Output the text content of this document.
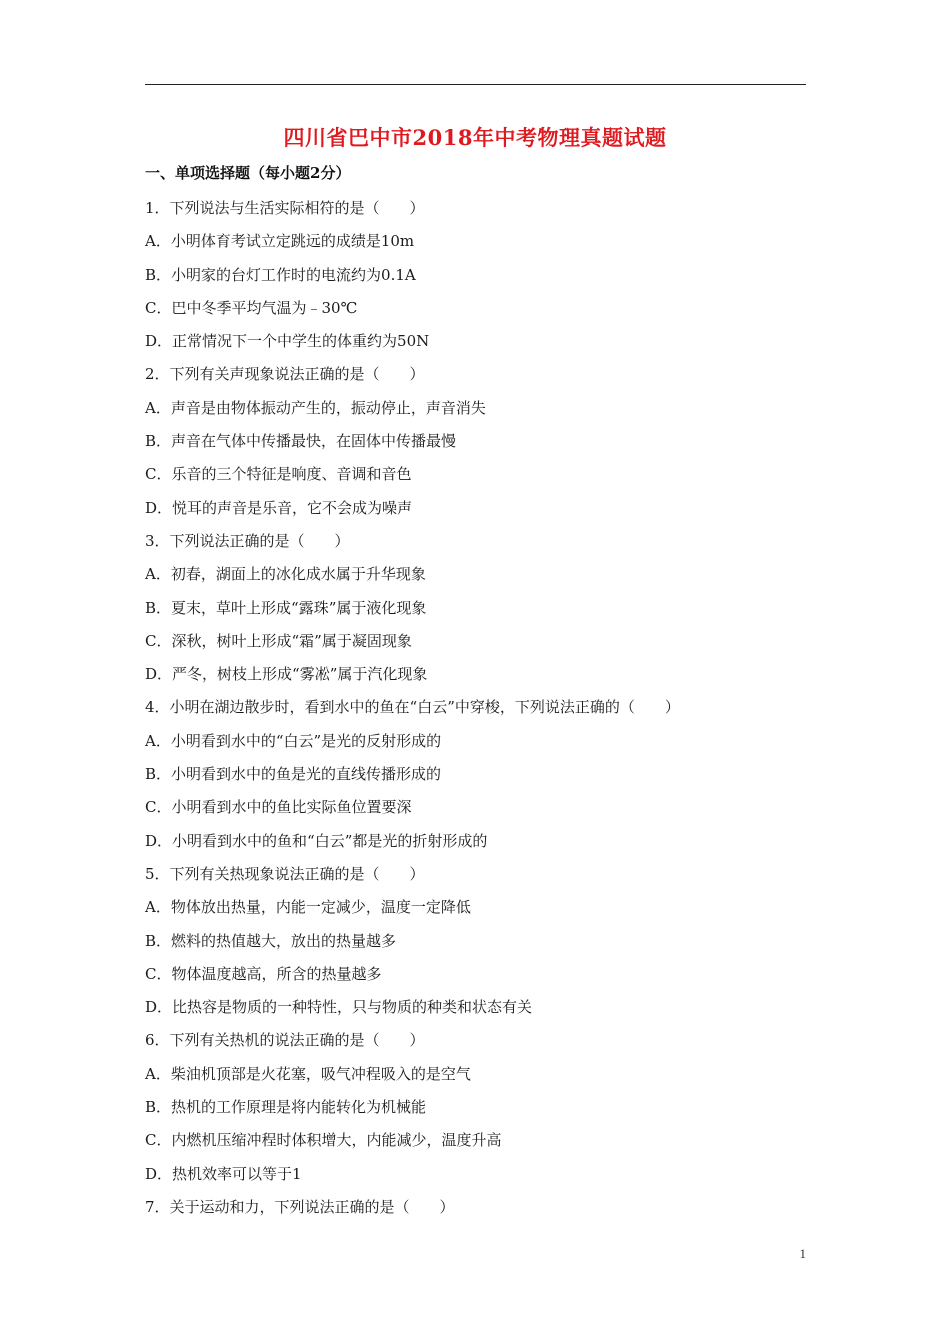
四川省巴中市2018年中考物理真题试题
一、单项选择题（每小题2分）
1．下列说法与生活实际相符的是（　　）
A．小明体育考试立定跳远的成绩是10m
B．小明家的台灯工作时的电流约为0.1A
C．巴中冬季平均气温为﹣30℃
D．正常情况下一个中学生的体重约为50N
2．下列有关声现象说法正确的是（　　）
A．声音是由物体振动产生的，振动停止，声音消失
B．声音在气体中传播最快，在固体中传播最慢
C．乐音的三个特征是响度、音调和音色
D．悦耳的声音是乐音，它不会成为噪声
3．下列说法正确的是（　　）
A．初春，湖面上的冰化成水属于升华现象
B．夏末，草叶上形成“露珠”属于液化现象
C．深秋，树叶上形成“霜”属于凝固现象
D．严冬，树枝上形成“雾凇”属于汽化现象
4．小明在湖边散步时，看到水中的鱼在“白云”中穿梭，下列说法正确的（　　）
A．小明看到水中的“白云”是光的反射形成的
B．小明看到水中的鱼是光的直线传播形成的
C．小明看到水中的鱼比实际鱼位置要深
D．小明看到水中的鱼和“白云”都是光的折射形成的
5．下列有关热现象说法正确的是（　　）
A．物体放出热量，内能一定减少，温度一定降低
B．燃料的热值越大，放出的热量越多
C．物体温度越高，所含的热量越多
D．比热容是物质的一种特性，只与物质的种类和状态有关
6．下列有关热机的说法正确的是（　　）
A．柴油机顶部是火花塞，吸气冲程吸入的是空气
B．热机的工作原理是将内能转化为机械能
C．内燃机压缩冲程时体积增大，内能减少，温度升高
D．热机效率可以等于1
7．关于运动和力，下列说法正确的是（　　）
1
